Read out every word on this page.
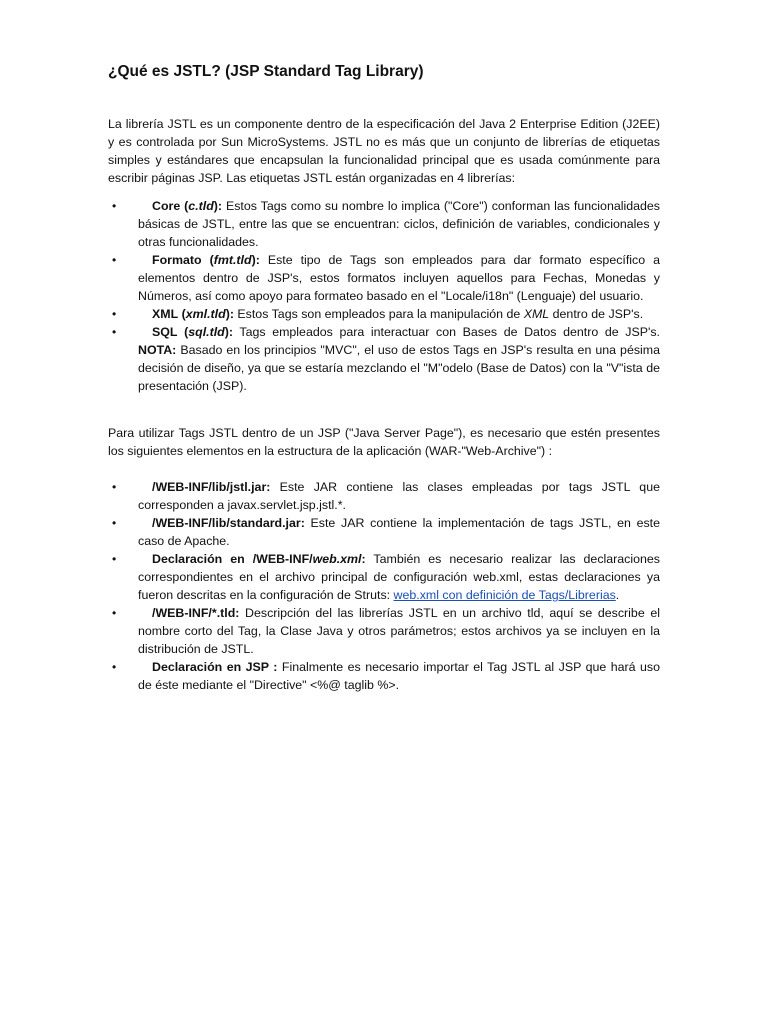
¿Qué es JSTL? (JSP Standard Tag Library)

La librería JSTL es un componente dentro de la especificación del Java 2 Enterprise Edition (J2EE) y es controlada por Sun MicroSystems. JSTL no es más que un conjunto de librerías de etiquetas simples y estándares que encapsulan la funcionalidad principal que es usada comúnmente para escribir páginas JSP. Las etiquetas JSTL están organizadas en 4 librerías:

•	Core (c.tld): Estos Tags como su nombre lo implica ("Core") conforman las funcionalidades básicas de JSTL, entre las que se encuentran: ciclos, definición de variables, condicionales y otras funcionalidades.
•	Formato (fmt.tld): Este tipo de Tags son empleados para dar formato específico a elementos dentro de JSP's, estos formatos incluyen aquellos para Fechas, Monedas y Números, así como apoyo para formateo basado en el "Locale/i18n" (Lenguaje) del usuario.
•	XML (xml.tld): Estos Tags son empleados para la manipulación de XML dentro de JSP's.
•	SQL (sql.tld): Tags empleados para interactuar con Bases de Datos dentro de JSP's. NOTA: Basado en los principios "MVC", el uso de estos Tags en JSP's resulta en una pésima decisión de diseño, ya que se estaría mezclando el "M"odelo (Base de Datos) con la "V"ista de presentación (JSP).

Para utilizar Tags JSTL dentro de un JSP ("Java Server Page"), es necesario que estén presentes los siguientes elementos en la estructura de la aplicación (WAR-"Web-Archive") :

•	/WEB-INF/lib/jstl.jar: Este JAR contiene las clases empleadas por tags JSTL que corresponden a javax.servlet.jsp.jstl.*.
•	/WEB-INF/lib/standard.jar: Este JAR contiene la implementación de tags JSTL, en este caso de Apache.
•	Declaración en /WEB-INF/web.xml: También es necesario realizar las declaraciones correspondientes en el archivo principal de configuración web.xml, estas declaraciones ya fueron descritas en la configuración de Struts: web.xml con definición de Tags/Librerias.
•	/WEB-INF/*.tld: Descripción del las librerías JSTL en un archivo tld, aquí se describe el nombre corto del Tag, la Clase Java y otros parámetros; estos archivos ya se incluyen en la distribución de JSTL.
•	Declaración en JSP : Finalmente es necesario importar el Tag JSTL al JSP que hará uso de éste mediante el "Directive" <%@ taglib %>.
